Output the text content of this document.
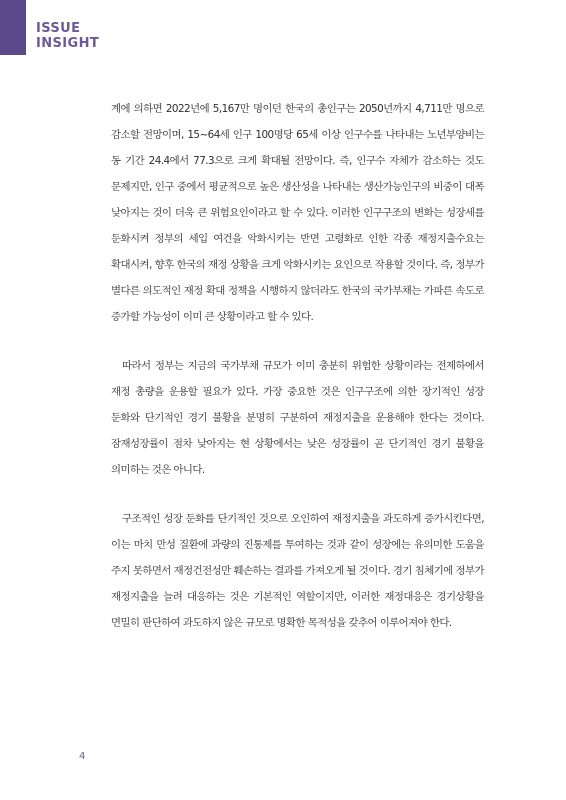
ISSUE
INSIGHT

계에 의하면 2022년에 5,167만 명이던 한국의 총인구는 2050년까지 4,711만 명으로 감소할 전망이며, 15~64세 인구 100명당 65세 이상 인구수를 나타내는 노년부양비는 동 기간 24.4에서 77.3으로 크게 확대될 전망이다. 즉, 인구수 자체가 감소하는 것도 문제지만, 인구 중에서 평균적으로 높은 생산성을 나타내는 생산가능인구의 비중이 대폭 낮아지는 것이 더욱 큰 위험요인이라고 할 수 있다. 이러한 인구구조의 변화는 성장세를 둔화시켜 정부의 세입 여건을 악화시키는 반면 고령화로 인한 각종 재정지출수요는 확대시켜, 향후 한국의 재정 상황을 크게 악화시키는 요인으로 작용할 것이다. 즉, 정부가 별다른 의도적인 재정 확대 정책을 시행하지 않더라도 한국의 국가부채는 가파른 속도로 증가할 가능성이 이미 큰 상황이라고 할 수 있다.

따라서 정부는 지금의 국가부채 규모가 이미 충분히 위험한 상황이라는 전제하에서 재정 총량을 운용할 필요가 있다. 가장 중요한 것은 인구구조에 의한 장기적인 성장 둔화와 단기적인 경기 불황을 분명히 구분하여 재정지출을 운용해야 한다는 것이다. 잠재성장률이 점차 낮아지는 현 상황에서는 낮은 성장률이 곧 단기적인 경기 불황을 의미하는 것은 아니다.

구조적인 성장 둔화를 단기적인 것으로 오인하여 재정지출을 과도하게 증가시킨다면, 이는 마치 만성 질환에 과량의 진통제를 투여하는 것과 같이 성장에는 유의미한 도움을 주지 못하면서 재정건전성만 훼손하는 결과를 가져오게 될 것이다. 경기 침체기에 정부가 재정지출을 늘려 대응하는 것은 기본적인 역할이지만, 이러한 재정대응은 경기상황을 면밀히 판단하여 과도하지 않은 규모로 명확한 목적성을 갖추어 이루어져야 한다.

4
